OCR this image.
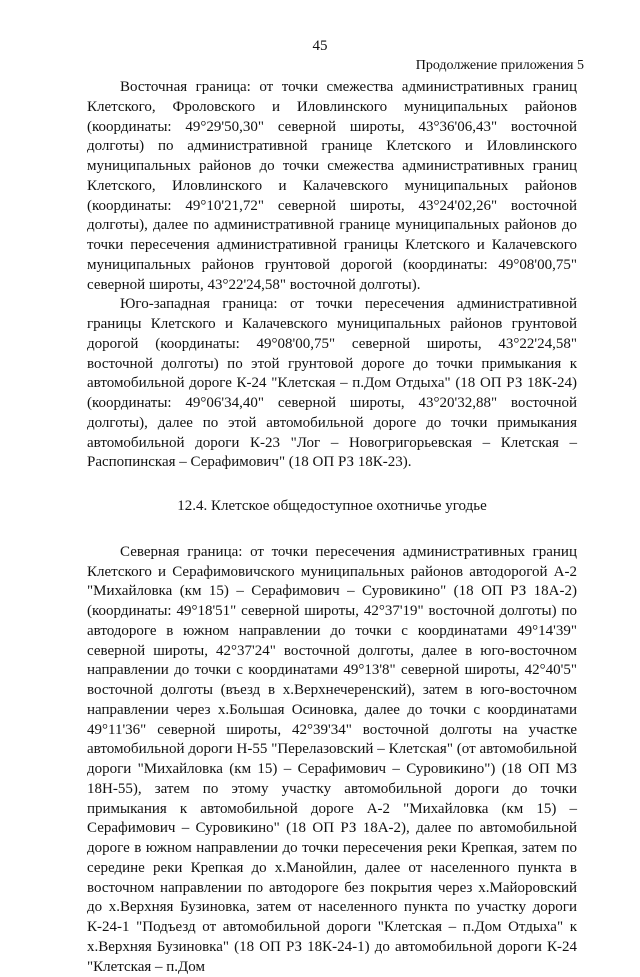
45
Продолжение приложения 5

Восточная граница: от точки смежества административных границ Клетского, Фроловского и Иловлинского муниципальных районов (координаты: 49°29'50,30" северной широты, 43°36'06,43" восточной долготы) по административной границе Клетского и Иловлинского муниципальных районов до точки смежества административных границ Клетского, Иловлинского и Калачевского муниципальных районов (координаты: 49°10'21,72" северной широты, 43°24'02,26" восточной долготы), далее по административной границе муниципальных районов до точки пересечения административной границы Клетского и Калачевского муниципальных районов грунтовой дорогой (координаты: 49°08'00,75" северной широты, 43°22'24,58" восточной долготы).

Юго-западная граница: от точки пересечения административной границы Клетского и Калачевского муниципальных районов грунтовой дорогой (координаты: 49°08'00,75" северной широты, 43°22'24,58" восточной долготы) по этой грунтовой дороге до точки примыкания к автомобильной дороге К-24 "Клетская – п.Дом Отдыха" (18 ОП РЗ 18К-24) (координаты: 49°06'34,40" северной широты, 43°20'32,88" восточной долготы), далее по этой автомобильной дороге до точки примыкания автомобильной дороги К-23 "Лог – Новогригорьевская – Клетская – Распопинская – Серафимович" (18 ОП РЗ 18К-23).

12.4. Клетское общедоступное охотничье угодье

Северная граница: от точки пересечения административных границ Клетского и Серафимовичского муниципальных районов автодорогой А-2 "Михайловка (км 15) – Серафимович – Суровикино" (18 ОП РЗ 18А-2) (координаты: 49°18'51" северной широты, 42°37'19" восточной долготы) по автодороге в южном направлении до точки с координатами 49°14'39" северной широты, 42°37'24" восточной долготы, далее в юго-восточном направлении до точки с координатами 49°13'8" северной широты, 42°40'5" восточной долготы (въезд в х.Верхнечеренский), затем в юго-восточном направлении через х.Большая Осиновка, далее до точки с координатами 49°11'36" северной широты, 42°39'34" восточной долготы на участке автомобильной дороги Н-55 "Перелазовский – Клетская" (от автомобильной дороги "Михайловка (км 15) – Серафимович – Суровикино") (18 ОП МЗ 18Н-55), затем по этому участку автомобильной дороги до точки примыкания к автомобильной дороге А-2 "Михайловка (км 15) – Серафимович – Суровикино" (18 ОП РЗ 18А-2), далее по автомобильной дороге в южном направлении до точки пересечения реки Крепкая, затем по середине реки Крепкая до х.Манойлин, далее от населенного пункта в восточном направлении по автодороге без покрытия через х.Майоровский до х.Верхняя Бузиновка, затем от населенного пункта по участку дороги К-24-1 "Подъезд от автомобильной дороги "Клетская – п.Дом Отдыха" к х.Верхняя Бузиновка" (18 ОП РЗ 18К-24-1) до автомобильной дороги К-24 "Клетская – п.Дом
